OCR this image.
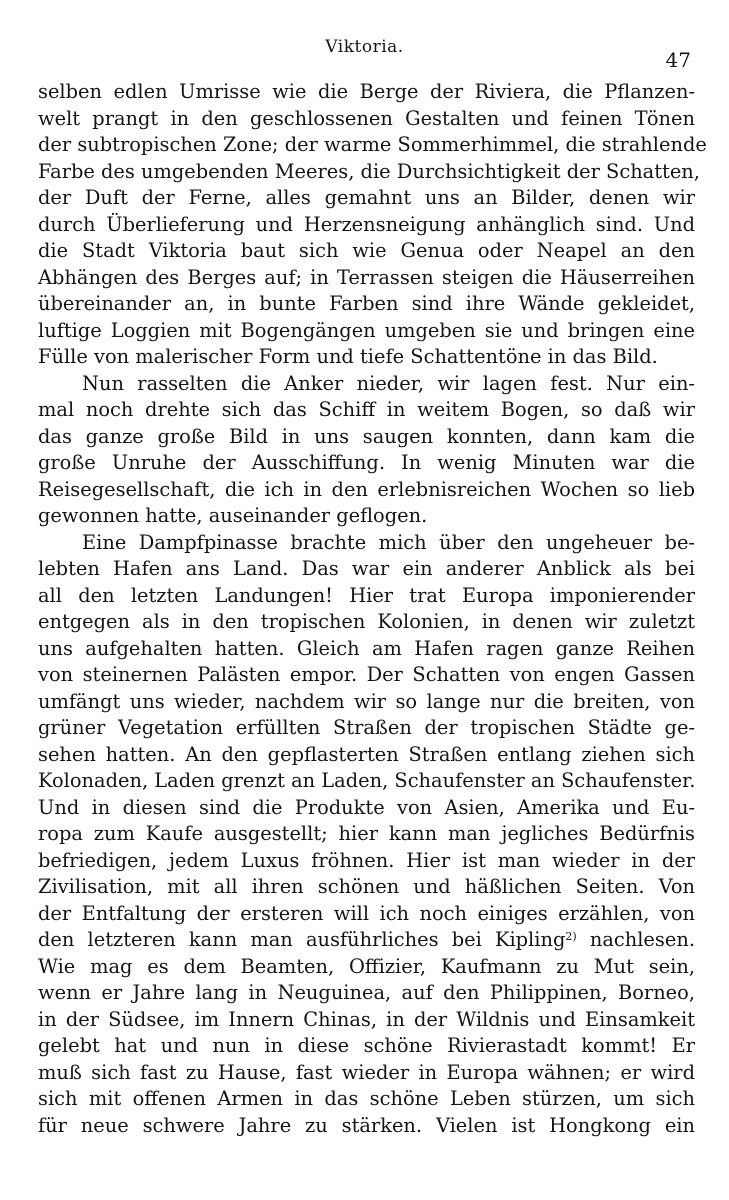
Viktoria.
47
selben edlen Umrisse wie die Berge der Riviera, die Pflanzen-
welt prangt in den geschlossenen Gestalten und feinen Tönen
der subtropischen Zone; der warme Sommerhimmel, die strahlende
Farbe des umgebenden Meeres, die Durchsichtigkeit der Schatten,
der Duft der Ferne, alles gemahnt uns an Bilder, denen wir
durch Überlieferung und Herzensneigung anhänglich sind. Und
die Stadt Viktoria baut sich wie Genua oder Neapel an den
Abhängen des Berges auf; in Terrassen steigen die Häuserreihen
übereinander an, in bunte Farben sind ihre Wände gekleidet,
luftige Loggien mit Bogengängen umgeben sie und bringen eine
Fülle von malerischer Form und tiefe Schattentöne in das Bild.
Nun rasselten die Anker nieder, wir lagen fest. Nur ein-
mal noch drehte sich das Schiff in weitem Bogen, so daß wir
das ganze große Bild in uns saugen konnten, dann kam die
große Unruhe der Ausschiffung. In wenig Minuten war die
Reisegesellschaft, die ich in den erlebnisreichen Wochen so lieb
gewonnen hatte, auseinander geflogen.
Eine Dampfpinasse brachte mich über den ungeheuer be-
lebten Hafen ans Land. Das war ein anderer Anblick als bei
all den letzten Landungen! Hier trat Europa imponierender
entgegen als in den tropischen Kolonien, in denen wir zuletzt
uns aufgehalten hatten. Gleich am Hafen ragen ganze Reihen
von steinernen Palästen empor. Der Schatten von engen Gassen
umfängt uns wieder, nachdem wir so lange nur die breiten, von
grüner Vegetation erfüllten Straßen der tropischen Städte ge-
sehen hatten. An den gepflasterten Straßen entlang ziehen sich
Kolonaden, Laden grenzt an Laden, Schaufenster an Schaufenster.
Und in diesen sind die Produkte von Asien, Amerika und Eu-
ropa zum Kaufe ausgestellt; hier kann man jegliches Bedürfnis
befriedigen, jedem Luxus fröhnen. Hier ist man wieder in der
Zivilisation, mit all ihren schönen und häßlichen Seiten. Von
der Entfaltung der ersteren will ich noch einiges erzählen, von
den letzteren kann man ausführliches bei Kipling$^{2)}$ nachlesen.
Wie mag es dem Beamten, Offizier, Kaufmann zu Mut sein,
wenn er Jahre lang in Neuguinea, auf den Philippinen, Borneo,
in der Südsee, im Innern Chinas, in der Wildnis und Einsamkeit
gelebt hat und nun in diese schöne Rivierastadt kommt! Er
muß sich fast zu Hause, fast wieder in Europa wähnen; er wird
sich mit offenen Armen in das schöne Leben stürzen, um sich
für neue schwere Jahre zu stärken. Vielen ist Hongkong ein
